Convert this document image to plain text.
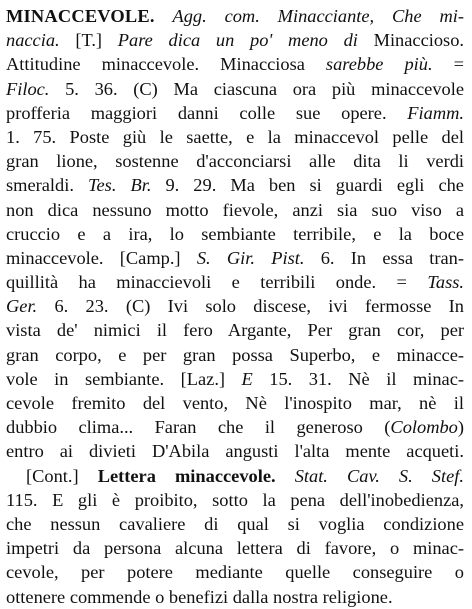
MINACCEVOLE. Agg. com. Minacciante, Che mi-
naccia. [T.] Pare dica un po' meno di Minaccioso.
Attitudine minaccevole. Minacciosa sarebbe più. =
Filoc. 5. 36. (C) Ma ciascuna ora più minaccevole
profferia maggiori danni colle sue opere. Fiamm.
1. 75. Poste giù le saette, e la minaccevol pelle del
gran lione, sostenne d'acconciarsi alle dita li verdi
smeraldi. Tes. Br. 9. 29. Ma ben si guardi egli che
non dica nessuno motto fievole, anzi sia suo viso a
cruccio e a ira, lo sembiante terribile, e la boce
minaccevole. [Camp.] S. Gir. Pist. 6. In essa tran-
quillità ha minaccievoli e terribili onde. = Tass.
Ger. 6. 23. (C) Ivi solo discese, ivi fermosse In
vista de' nimici il fero Argante, Per gran cor, per
gran corpo, e per gran possa Superbo, e minacce-
vole in sembiante. [Laz.] E 15. 31. Nè il minac-
cevole fremito del vento, Nè l'inospito mar, nè il
dubbio clima... Faran che il generoso (Colombo)
entro ai divieti D'Abila angusti l'alta mente acqueti.
[Cont.] Lettera minaccevole. Stat. Cav. S. Stef.
115. E gli è proibito, sotto la pena dell'inobedienza,
che nessun cavaliere di qual si voglia condizione
impetri da persona alcuna lettera di favore, o minac-
cevole, per potere mediante quelle conseguire o
ottenere commende o benefizi dalla nostra religione.
